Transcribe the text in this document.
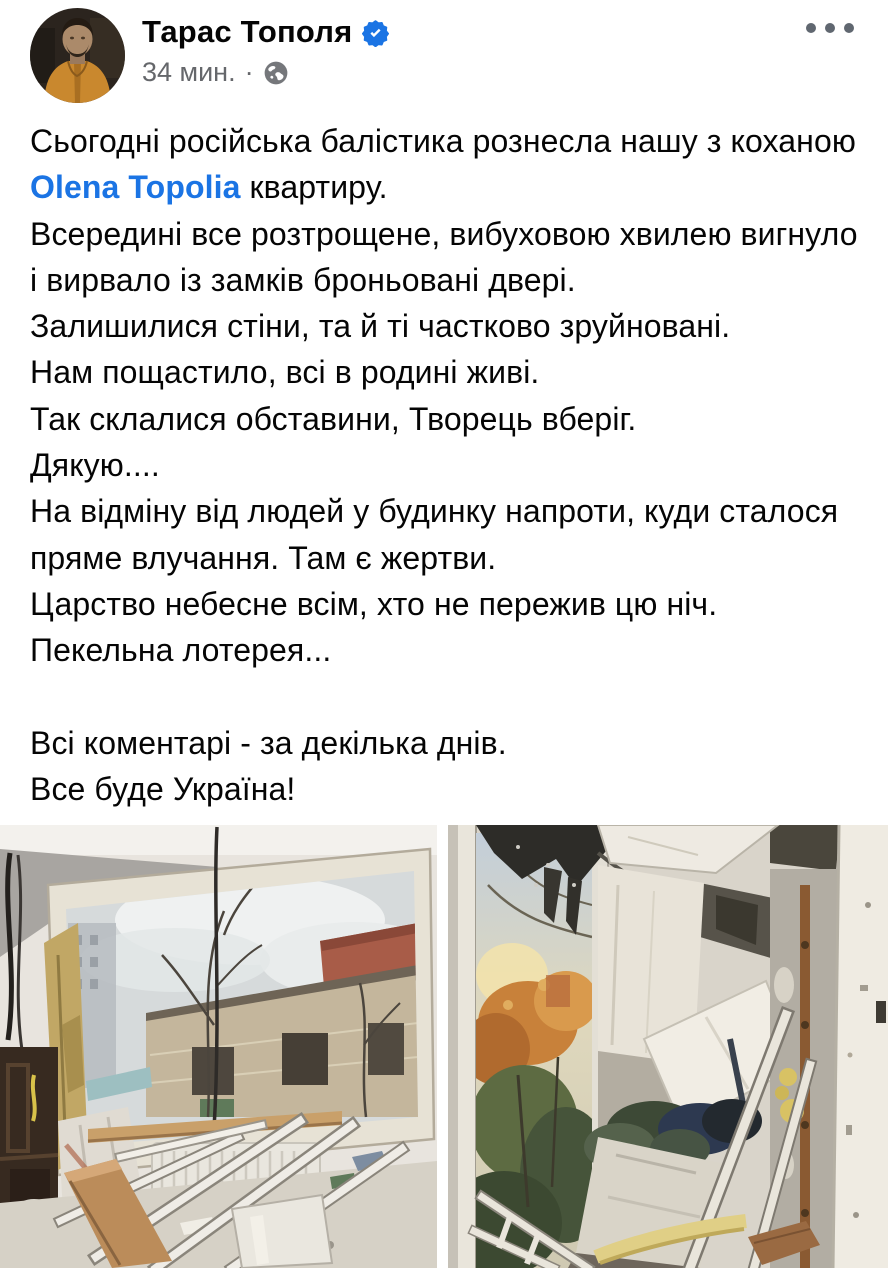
Тарас Тополя
34 мин. ·

Сьогодні російська балістика рознесла нашу з коханою Olena Topolia квартиру.

Всередині все розтрощене, вибуховою хвилею вигнуло і вирвало із замків броньовані двері.

Залишилися стіни, та й ті частково зруйновані.

Нам пощастило, всі в родині живі.

Так склалися обставини, Творець вберіг.

Дякую....

На відміну від людей у будинку напроти, куди сталося пряме влучання. Там є жертви.

Царство небесне всім, хто не пережив цю ніч.

Пекельна лотерея...

Всі коментарі - за декілька днів.

Все буде Україна!
